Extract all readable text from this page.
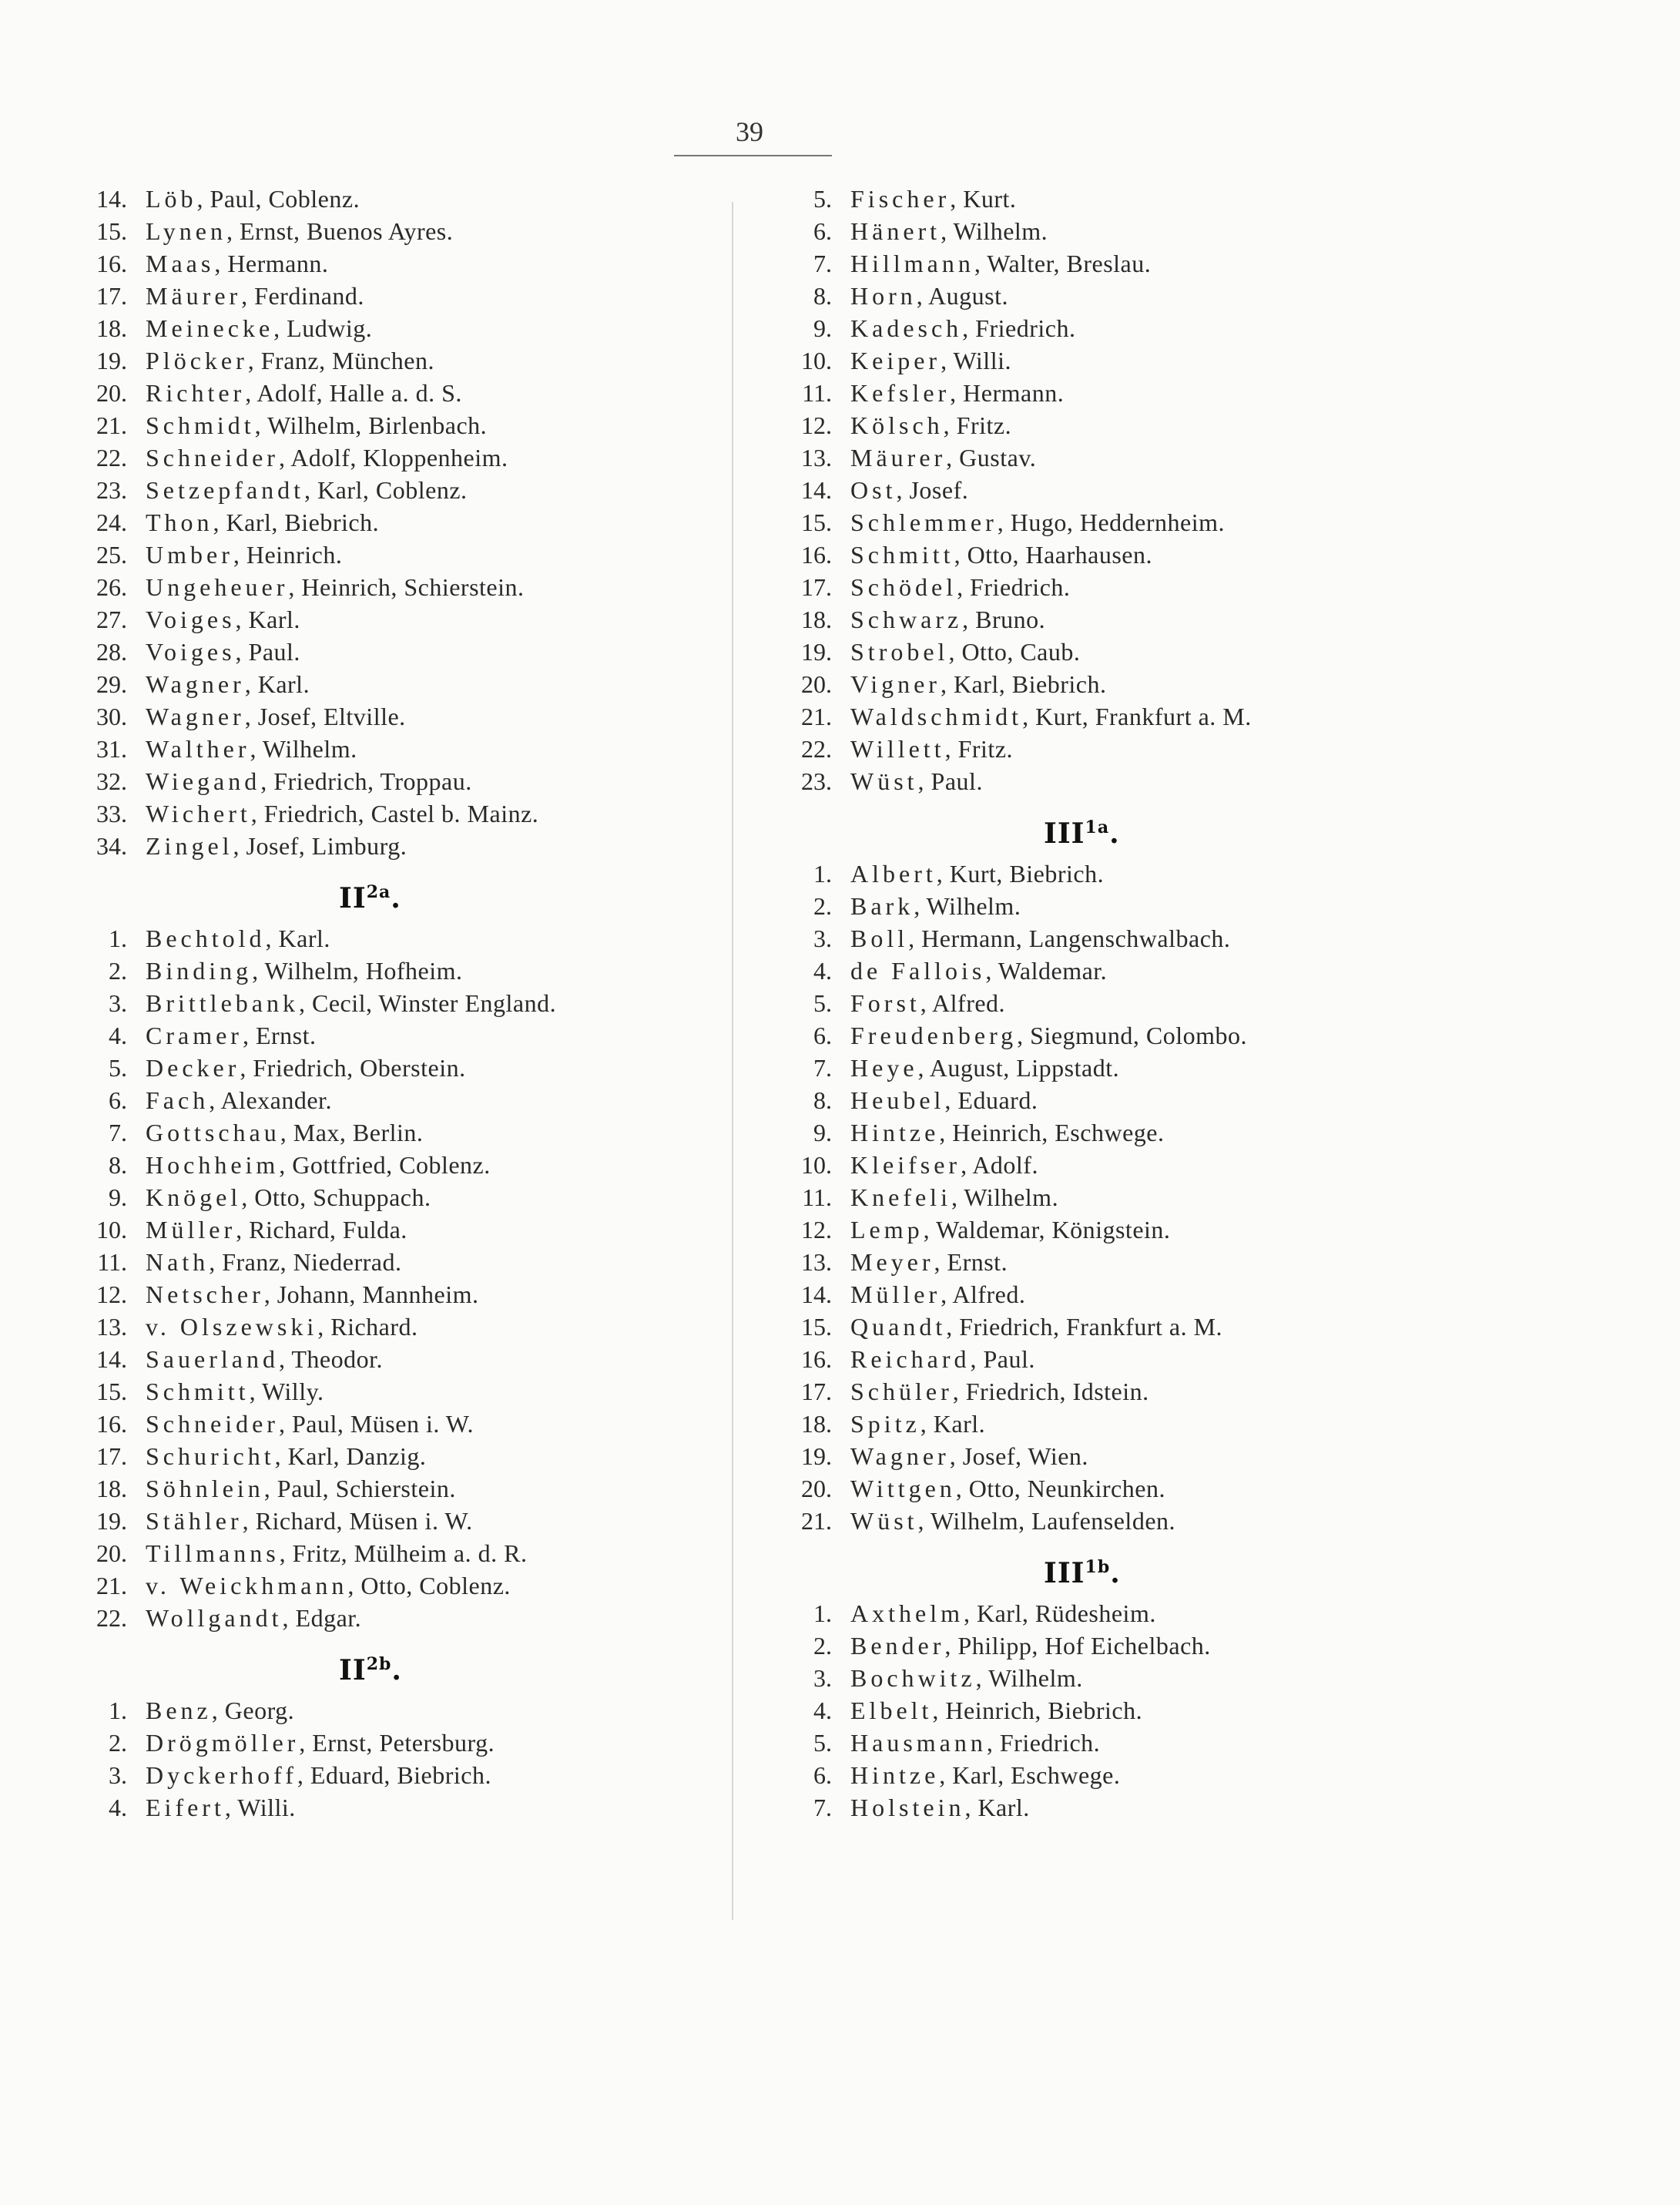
39
14. Löb , Paul, Coblenz.
15. Lynen , Ernst, Buenos Ayres.
16. Maas , Hermann.
17. Mäurer , Ferdinand.
18. Meinecke , Ludwig.
19. Plöcker , Franz, München.
20. Richter , Adolf, Halle a. d. S.
21. Schmidt , Wilhelm, Birlenbach.
22. Schneider , Adolf, Kloppenheim.
23. Setzepfandt , Karl, Coblenz.
24. Thon , Karl, Biebrich.
25. Umber , Heinrich.
26. Ungeheuer , Heinrich, Schierstein.
27. Voiges , Karl.
28. Voiges , Paul.
29. Wagner , Karl.
30. Wagner , Josef, Eltville.
31. Walther , Wilhelm.
32. Wiegand , Friedrich, Troppau.
33. Wichert , Friedrich, Castel b. Mainz.
34. Zingel , Josef, Limburg.
$II^{2a}$.
1. Bechtold , Karl.
2. Binding , Wilhelm, Hofheim.
3. Brittlebank , Cecil, Winster England.
4. Cramer , Ernst.
5. Decker , Friedrich, Oberstein.
6. Fach , Alexander.
7. Gottschau , Max, Berlin.
8. Hochheim , Gottfried, Coblenz.
9. Knögel , Otto, Schuppach.
10. Müller , Richard, Fulda.
11. Nath , Franz, Niederrad.
12. Netscher , Johann, Mannheim.
13. v. Olszewski , Richard.
14. Sauerland , Theodor.
15. Schmitt , Willy.
16. Schneider , Paul, Müsen i. W.
17. Schuricht , Karl, Danzig.
18. Söhnlein , Paul, Schierstein.
19. Stähler , Richard, Müsen i. W.
20. Tillmanns , Fritz, Mülheim a. d. R.
21. v. Weickhmann , Otto, Coblenz.
22. Wollgandt , Edgar.
$II^{2b}$.
1. Benz , Georg.
2. Drögmöller , Ernst, Petersburg.
3. Dyckerhoff , Eduard, Biebrich.
4. Eifert , Willi.
5. Fischer , Kurt.
6. Hänert , Wilhelm.
7. Hillmann , Walter, Breslau.
8. Horn , August.
9. Kadesch , Friedrich.
10. Keiper , Willi.
11. Kefsler , Hermann.
12. Kölsch , Fritz.
13. Mäurer , Gustav.
14. Ost , Josef.
15. Schlemmer , Hugo, Heddernheim.
16. Schmitt , Otto, Haarhausen.
17. Schödel , Friedrich.
18. Schwarz , Bruno.
19. Strobel , Otto, Caub.
20. Vigner , Karl, Biebrich.
21. Waldschmidt , Kurt, Frankfurt a. M.
22. Willett , Fritz.
23. Wüst , Paul.
$III^{1a}$.
1. Albert , Kurt, Biebrich.
2. Bark , Wilhelm.
3. Boll , Hermann, Langenschwalbach.
4. de Fallois , Waldemar.
5. Forst , Alfred.
6. Freudenberg , Siegmund, Colombo.
7. Heye , August, Lippstadt.
8. Heubel , Eduard.
9. Hintze , Heinrich, Eschwege.
10. Kleifser , Adolf.
11. Knefeli , Wilhelm.
12. Lemp , Waldemar, Königstein.
13. Meyer , Ernst.
14. Müller , Alfred.
15. Quandt , Friedrich, Frankfurt a. M.
16. Reichard , Paul.
17. Schüler , Friedrich, Idstein.
18. Spitz , Karl.
19. Wagner , Josef, Wien.
20. Wittgen , Otto, Neunkirchen.
21. Wüst , Wilhelm, Laufenselden.
$III^{1b}$.
1. Axthelm , Karl, Rüdesheim.
2. Bender , Philipp, Hof Eichelbach.
3. Bochwitz , Wilhelm.
4. Elbelt , Heinrich, Biebrich.
5. Hausmann , Friedrich.
6. Hintze , Karl, Eschwege.
7. Holstein , Karl.
